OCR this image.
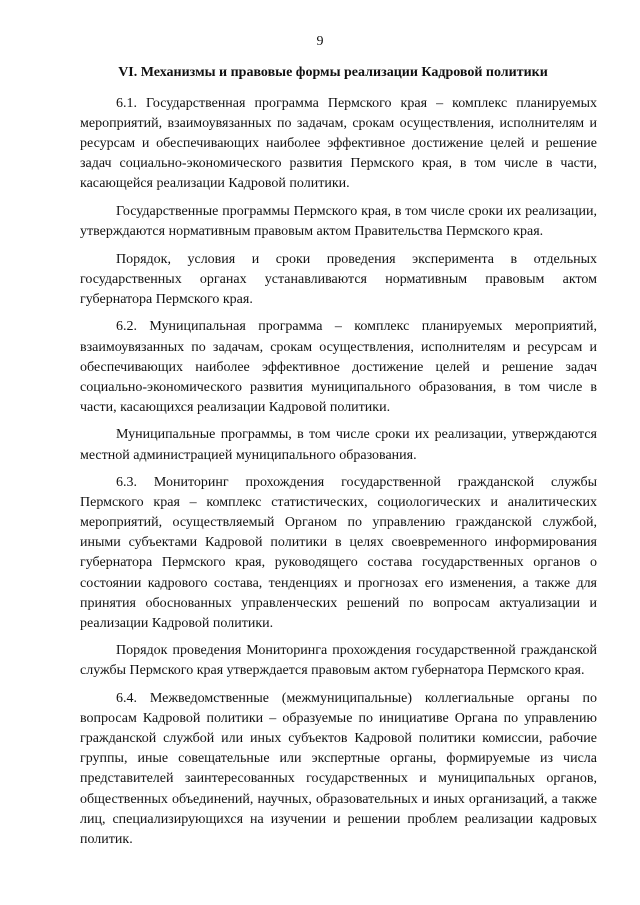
9
VI. Механизмы и правовые формы реализации Кадровой политики

6.1. Государственная программа Пермского края – комплекс планируемых мероприятий, взаимоувязанных по задачам, срокам осуществления, исполнителям и ресурсам и обеспечивающих наиболее эффективное достижение целей и решение задач социально-экономического развития Пермского края, в том числе в части, касающейся реализации Кадровой политики.

Государственные программы Пермского края, в том числе сроки их реализации, утверждаются нормативным правовым актом Правительства Пермского края.

Порядок, условия и сроки проведения эксперимента в отдельных государственных органах устанавливаются нормативным правовым актом губернатора Пермского края.

6.2. Муниципальная программа – комплекс планируемых мероприятий, взаимоувязанных по задачам, срокам осуществления, исполнителям и ресурсам и обеспечивающих наиболее эффективное достижение целей и решение задач социально-экономического развития муниципального образования, в том числе в части, касающихся реализации Кадровой политики.

Муниципальные программы, в том числе сроки их реализации, утверждаются местной администрацией муниципального образования.

6.3. Мониторинг прохождения государственной гражданской службы Пермского края – комплекс статистических, социологических и аналитических мероприятий, осуществляемый Органом по управлению гражданской службой, иными субъектами Кадровой политики в целях своевременного информирования губернатора Пермского края, руководящего состава государственных органов о состоянии кадрового состава, тенденциях и прогнозах его изменения, а также для принятия обоснованных управленческих решений по вопросам актуализации и реализации Кадровой политики.

Порядок проведения Мониторинга прохождения государственной гражданской службы Пермского края утверждается правовым актом губернатора Пермского края.

6.4. Межведомственные (межмуниципальные) коллегиальные органы по вопросам Кадровой политики – образуемые по инициативе Органа по управлению гражданской службой или иных субъектов Кадровой политики комиссии, рабочие группы, иные совещательные или экспертные органы, формируемые из числа представителей заинтересованных государственных и муниципальных органов, общественных объединений, научных, образовательных и иных организаций, а также лиц, специализирующихся на изучении и решении проблем реализации кадровых политик.
